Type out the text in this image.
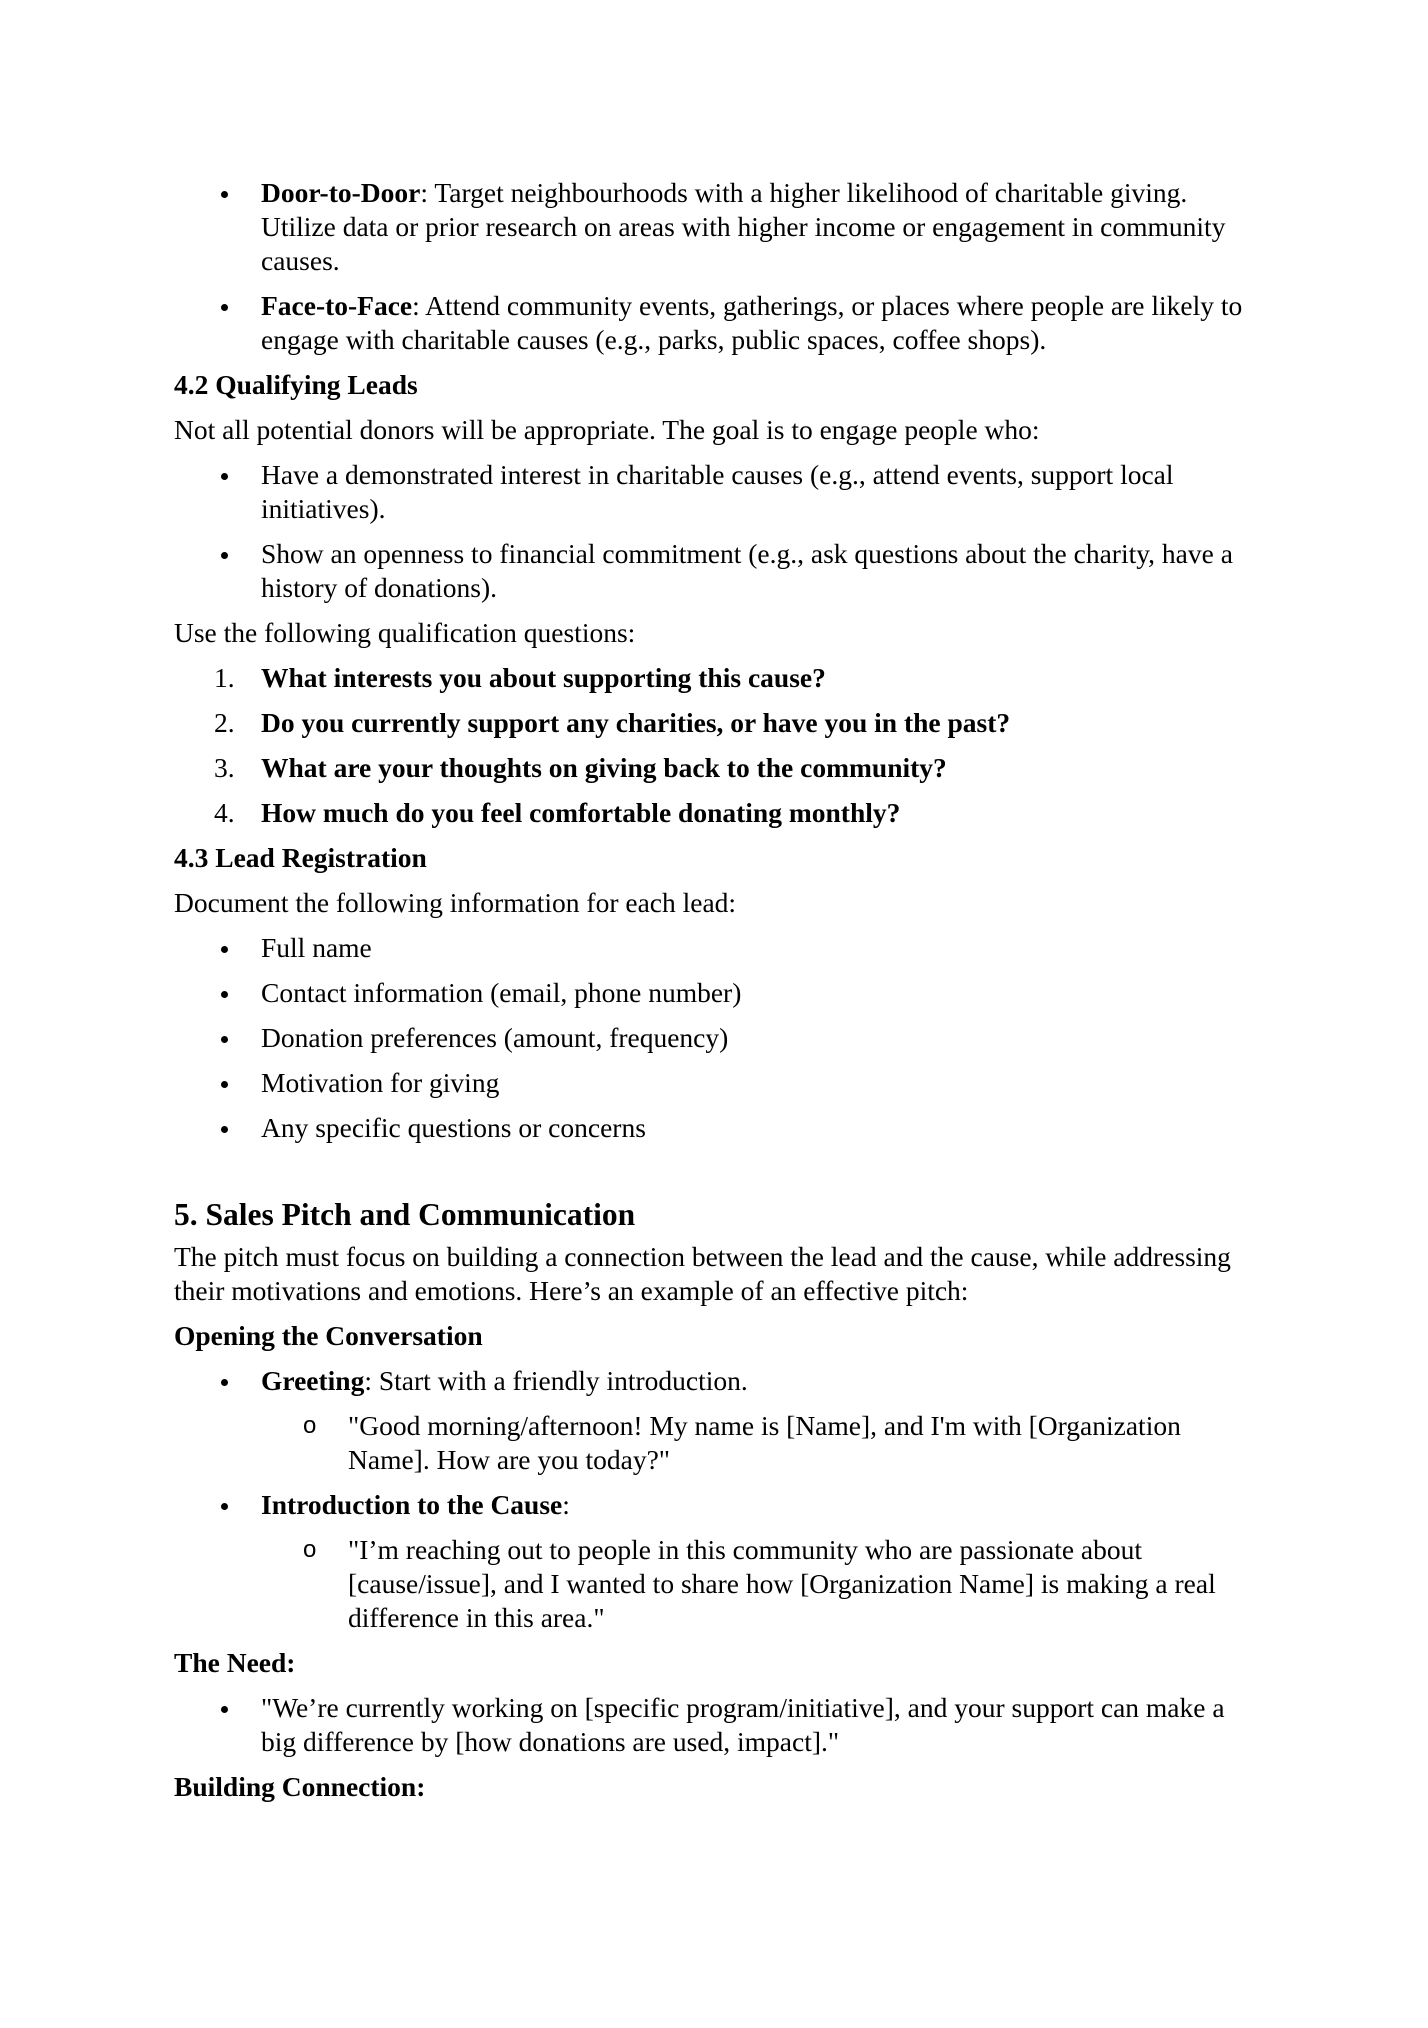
Door-to-Door: Target neighbourhoods with a higher likelihood of charitable giving. Utilize data or prior research on areas with higher income or engagement in community causes.
Face-to-Face: Attend community events, gatherings, or places where people are likely to engage with charitable causes (e.g., parks, public spaces, coffee shops).

4.2 Qualifying Leads

Not all potential donors will be appropriate. The goal is to engage people who:

Have a demonstrated interest in charitable causes (e.g., attend events, support local initiatives).
Show an openness to financial commitment (e.g., ask questions about the charity, have a history of donations).

Use the following qualification questions:

1. What interests you about supporting this cause?
2. Do you currently support any charities, or have you in the past?
3. What are your thoughts on giving back to the community?
4. How much do you feel comfortable donating monthly?

4.3 Lead Registration

Document the following information for each lead:

Full name
Contact information (email, phone number)
Donation preferences (amount, frequency)
Motivation for giving
Any specific questions or concerns

5. Sales Pitch and Communication

The pitch must focus on building a connection between the lead and the cause, while addressing their motivations and emotions. Here’s an example of an effective pitch:

Opening the Conversation

Greeting: Start with a friendly introduction.
o "Good morning/afternoon! My name is [Name], and I'm with [Organization Name]. How are you today?"
Introduction to the Cause:
o "I’m reaching out to people in this community who are passionate about [cause/issue], and I wanted to share how [Organization Name] is making a real difference in this area."

The Need:

"We’re currently working on [specific program/initiative], and your support can make a big difference by [how donations are used, impact]."

Building Connection:
